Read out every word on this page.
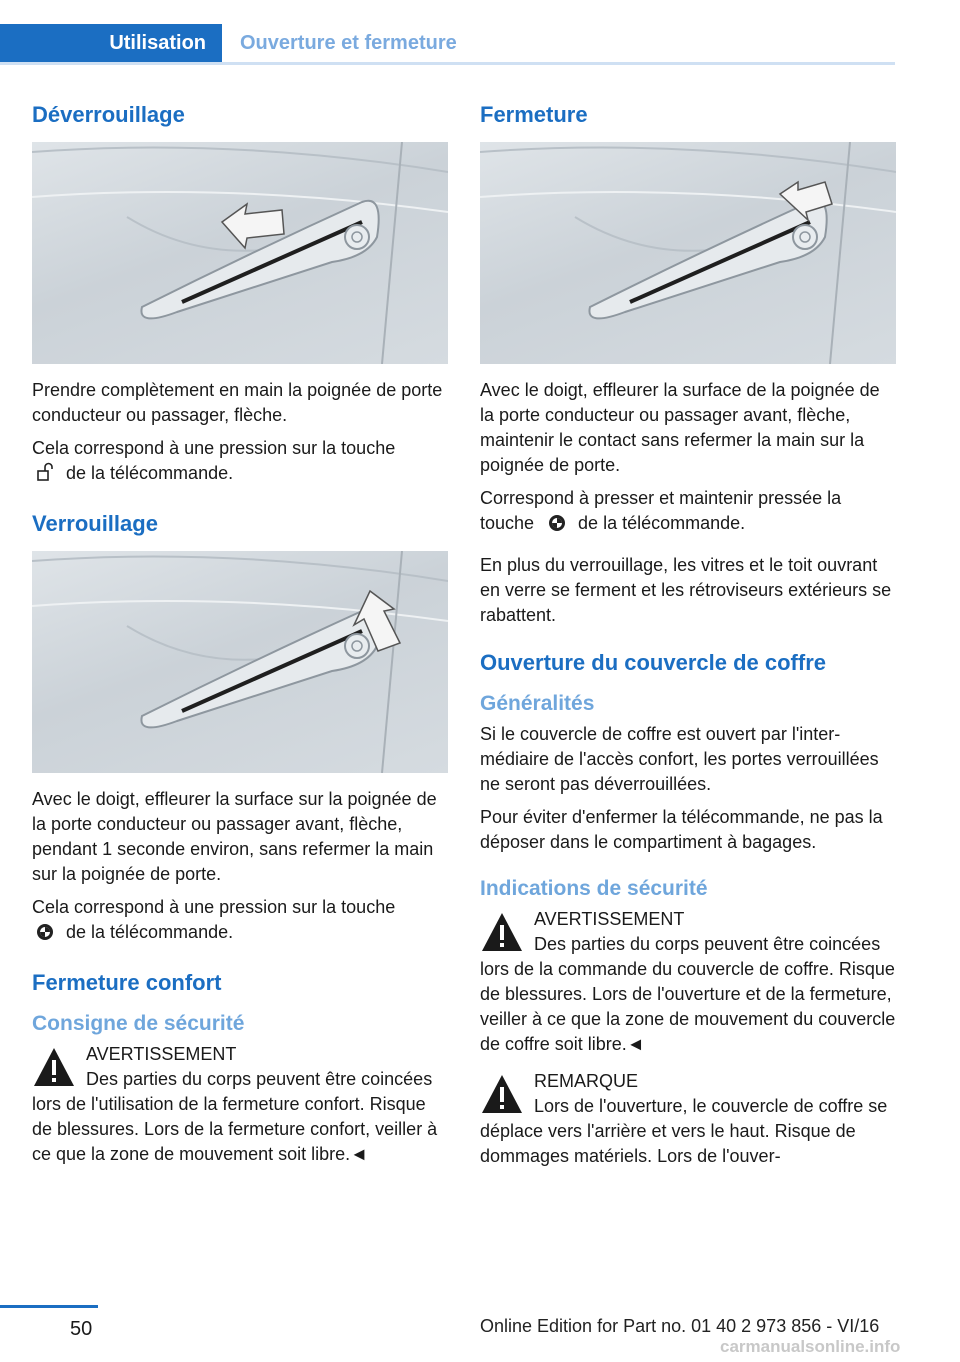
Utilisation	Ouverture et fermeture
Déverrouillage

Prendre complètement en main la poignée de porte conducteur ou passager, flèche.

Cela correspond à une pression sur la touche
de la télécommande.

Verrouillage

Avec le doigt, effleurer la surface sur la poignée de la porte conducteur ou passager avant, flèche, pendant 1 seconde environ, sans refermer la main sur la poignée de porte.

Cela correspond à une pression sur la touche
de la télécommande.

Fermeture confort
Consigne de sécurité

AVERTISSEMENT

Des parties du corps peuvent être coincées lors de l'utilisation de la fermeture confort. Risque de blessures. Lors de la fermeture confort, veiller à ce que la zone de mouvement soit libre.◄

Fermeture

Avec le doigt, effleurer la surface de la poignée de la porte conducteur ou passager avant, flèche, maintenir le contact sans refermer la main sur la poignée de porte.

Correspond à presser et maintenir pressée la touche de la télécommande.

En plus du verrouillage, les vitres et le toit ouvrant en verre se ferment et les rétroviseurs extérieurs se rabattent.

Ouverture du couvercle de coffre
Généralités

Si le couvercle de coffre est ouvert par l'intermédiaire de l'accès confort, les portes verrouillées ne seront pas déverrouillées.

Pour éviter d'enfermer la télécommande, ne pas la déposer dans le compartiment à bagages.

Indications de sécurité

AVERTISSEMENT

Des parties du corps peuvent être coincées lors de la commande du couvercle de coffre. Risque de blessures. Lors de l'ouverture et de la fermeture, veiller à ce que la zone de mouvement du couvercle de coffre soit libre.◄

REMARQUE

Lors de l'ouverture, le couvercle de coffre se déplace vers l'arrière et vers le haut. Risque de dommages matériels. Lors de l'ouver-

50	Online Edition for Part no. 01 40 2 973 856 - VI/16
carmanualsonline.info
